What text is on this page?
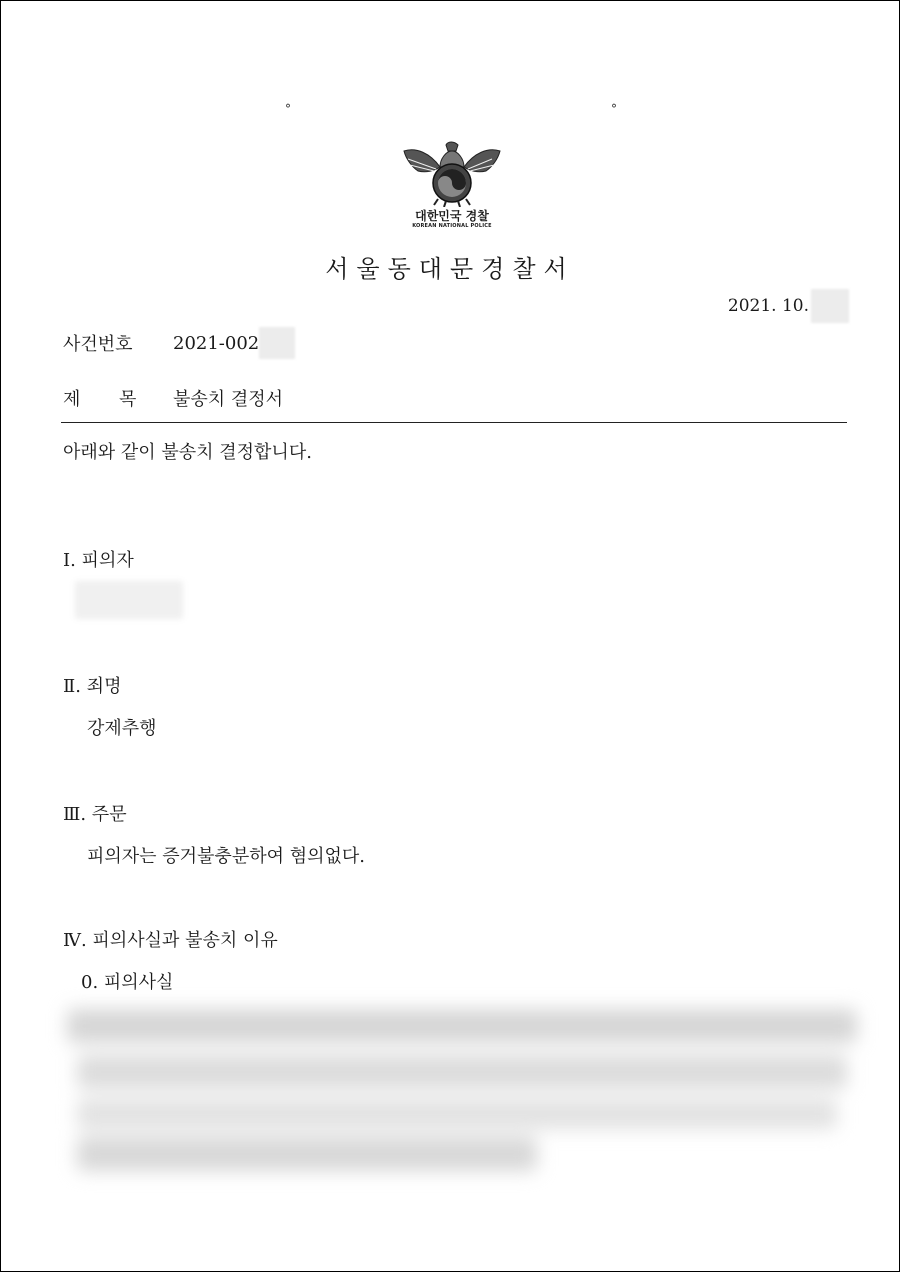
°	°
대한민국 경찰
KOREAN NATIONAL POLICE
서울동대문경찰서
2021. 10.
사건번호	2021-002
제 목	불송치 결정서
아래와 같이 불송치 결정합니다.
Ⅰ. 피의자
Ⅱ. 죄명
강제추행
Ⅲ. 주문
피의자는 증거불충분하여 혐의없다.
Ⅳ. 피의사실과 불송치 이유
0. 피의사실
